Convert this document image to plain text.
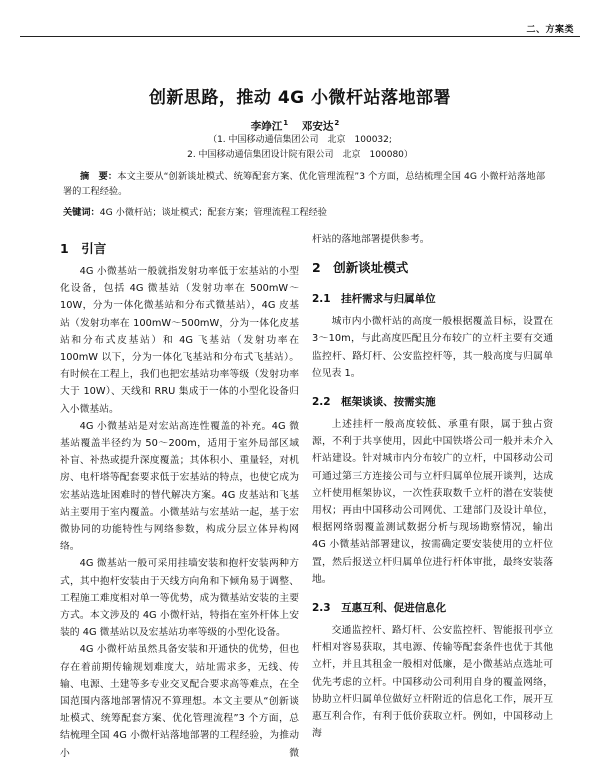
二、方案类
创新思路，推动 4G 小微杆站落地部署
李竫江$^1$ 邓安达$^2$
（1. 中国移动通信集团公司　北京　100032;
2. 中国移动通信集团设计院有限公司　北京　100080）

摘　要：本文主要从“创新谈址模式、统筹配套方案、优化管理流程”3 个方面，总结梳理全国 4G 小微杆站落地部署的工程经验。

关键词：4G 小微杆站；谈址模式；配套方案；管理流程工程经验

1　引言

4G 小微基站一般就指发射功率低于宏基站的小型化设备，包括 4G 微基站（发射功率在 500mW～10W，分为一体化微基站和分布式微基站），4G 皮基站（发射功率在 100mW～500mW，分为一体化皮基站和分布式皮基站）和 4G 飞基站（发射功率在 100mW 以下，分为一体化飞基站和分布式飞基站）。有时候在工程上，我们也把宏基站功率等级（发射功率大于 10W）、天线和 RRU 集成于一体的小型化设备归入小微基站。

4G 小微基站是对宏站高连性覆盖的补充。4G 微基站覆盖半径约为 50～200m，适用于室外局部区域补盲、补热或提升深度覆盖；其体积小、重量轻，对机房、电杆塔等配套要求低于宏基站的特点，也使它成为宏基站选址困难时的替代解决方案。4G 皮基站和飞基站主要用于室内覆盖。小微基站与宏基站一起，基于宏微协同的功能特性与网络参数，构成分层立体异构网络。

4G 微基站一般可采用挂墙安装和抱杆安装两种方式，其中抱杆安装由于天线方向角和下倾角易于调整、工程施工难度相对单一等优势，成为微基站安装的主要方式。本文涉及的 4G 小微杆站，特指在室外杆体上安装的 4G 微基站以及宏基站功率等级的小型化设备。

4G 小微杆站虽然具备安装和开通快的优势，但也存在着前期传输规划难度大，站址需求多，无线、传输、电源、土建等多专业交叉配合要求高等难点，在全国范围内落地部署情况不算理想。本文主要从“创新谈址模式、统筹配套方案、优化管理流程”3 个方面，总结梳理全国 4G 小微杆站落地部署的工程经验，为推动小微

杆站的落地部署提供参考。

2　创新谈址模式
2.1　挂杆需求与归属单位

城市内小微杆站的高度一般根据覆盖目标，设置在 3～10m，与此高度匹配且分布较广的立杆主要有交通监控杆、路灯杆、公安监控杆等，其一般高度与归属单位见表 1。

2.2　框架谈谈、按需实施

上述挂杆一般高度较低、承重有限，属于独占资源，不利于共享使用，因此中国铁塔公司一般并未介入杆站建设。针对城市内分布较广的立杆，中国移动公司可通过第三方连接公司与立杆归属单位展开谈判，达成立杆使用框架协议，一次性获取数千立杆的潜在安装使用权；再由中国移动公司网优、工建部门及设计单位，根据网络弱覆盖测试数据分析与现场勘察情况，输出 4G 小微基站部署建议，按需确定要安装使用的立杆位置，然后报送立杆归属单位进行杆体审批，最终安装落地。

2.3　互惠互利、促进信息化

交通监控杆、路灯杆、公安监控杆、智能报刊亭立杆相对容易获取，其电源、传输等配套条件也优于其他立杆，并且其租金一般相对低廉，是小微基站点选址可优先考虑的立杆。中国移动公司利用自身的覆盖网络，协助立杆归属单位做好立杆附近的信息化工作，展开互惠互利合作，有利于低价获取立杆。例如，中国移动上海
